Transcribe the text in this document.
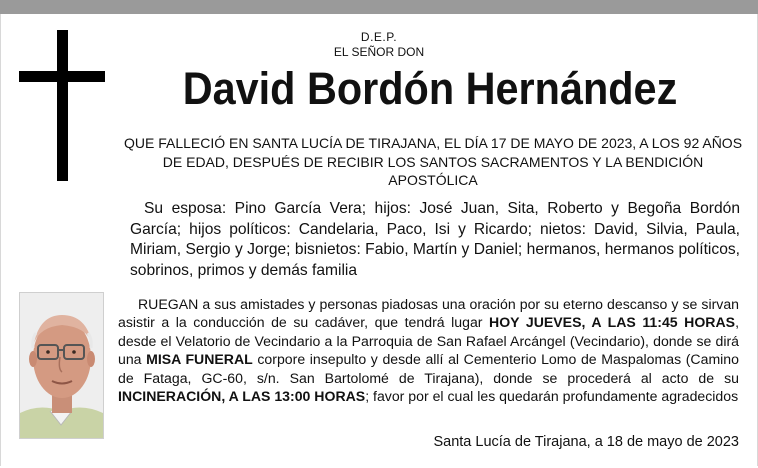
D.E.P.
EL SEÑOR DON
David Bordón Hernández
QUE FALLECIÓ EN SANTA LUCÍA DE TIRAJANA, EL DÍA 17 DE MAYO DE 2023, A LOS 92 AÑOS DE EDAD, DESPUÉS DE RECIBIR LOS SANTOS SACRAMENTOS Y LA BENDICIÓN APOSTÓLICA
Su esposa: Pino García Vera; hijos: José Juan, Sita, Roberto y Begoña Bordón García; hijos políticos: Candelaria, Paco, Isi y Ricardo; nietos: David, Silvia, Paula, Miriam, Sergio y Jorge; bisnietos: Fabio, Martín y Daniel; hermanos, hermanos políticos, sobrinos, primos y demás familia
RUEGAN a sus amistades y personas piadosas una oración por su eterno descanso y se sirvan asistir a la conducción de su cadáver, que tendrá lugar HOY JUEVES, A LAS 11:45 HORAS, desde el Velatorio de Vecindario a la Parroquia de San Rafael Arcángel (Vecindario), donde se dirá una MISA FUNERAL corpore insepulto y desde allí al Cementerio Lomo de Maspalomas (Camino de Fataga, GC-60, s/n. San Bartolomé de Tirajana), donde se procederá al acto de su INCINERACIÓN, A LAS 13:00 HORAS; favor por el cual les quedarán profundamente agradecidos
Santa Lucía de Tirajana, a 18 de mayo de 2023
